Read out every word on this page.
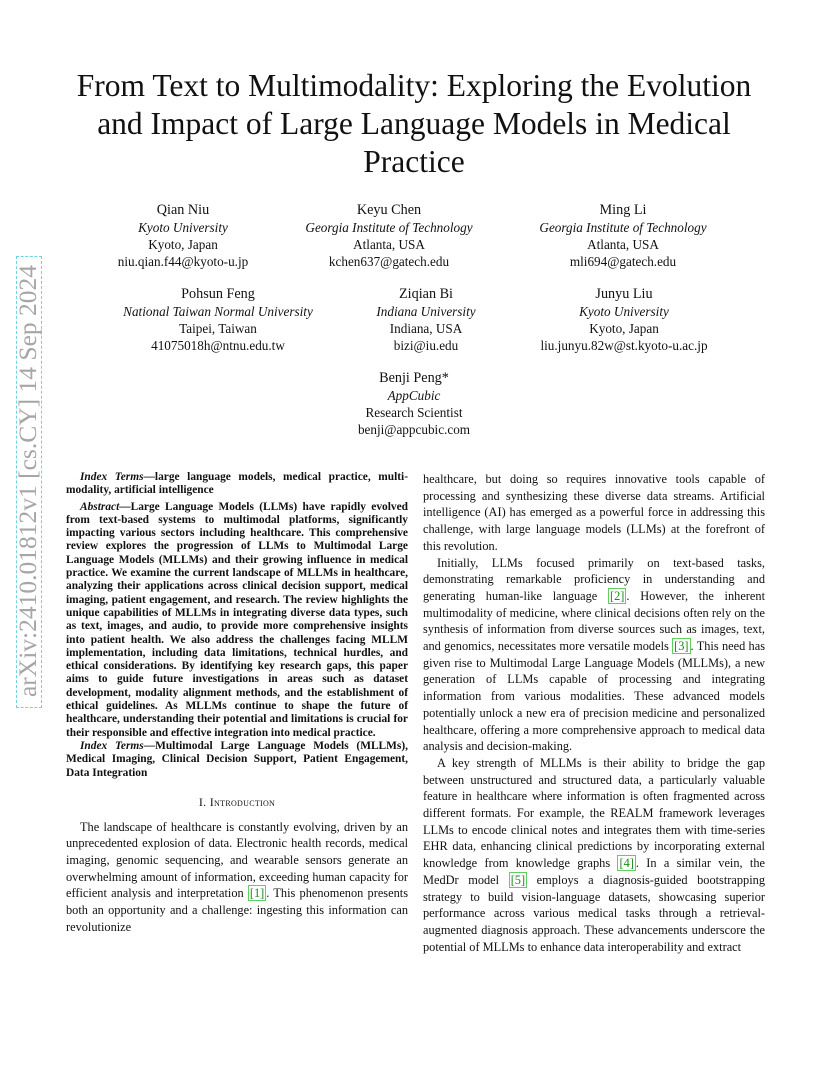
arXiv:2410.01812v1 [cs.CY] 14 Sep 2024
From Text to Multimodality: Exploring the Evolution and Impact of Large Language Models in Medical Practice
Qian Niu
Kyoto University
Kyoto, Japan
niu.qian.f44@kyoto-u.jp
Keyu Chen
Georgia Institute of Technology
Atlanta, USA
kchen637@gatech.edu
Ming Li
Georgia Institute of Technology
Atlanta, USA
mli694@gatech.edu
Pohsun Feng
National Taiwan Normal University
Taipei, Taiwan
41075018h@ntnu.edu.tw
Ziqian Bi
Indiana University
Indiana, USA
bizi@iu.edu
Junyu Liu
Kyoto University
Kyoto, Japan
liu.junyu.82w@st.kyoto-u.ac.jp
Benji Peng*
AppCubic
Research Scientist
benji@appcubic.com

Index Terms—large language models, medical practice, multi-modality, artificial intelligence

Abstract—Large Language Models (LLMs) have rapidly evolved from text-based systems to multimodal platforms, significantly impacting various sectors including healthcare. This comprehensive review explores the progression of LLMs to Multimodal Large Language Models (MLLMs) and their growing influence in medical practice. We examine the current landscape of MLLMs in healthcare, analyzing their applications across clinical decision support, medical imaging, patient engagement, and research. The review highlights the unique capabilities of MLLMs in integrating diverse data types, such as text, images, and audio, to provide more comprehensive insights into patient health. We also address the challenges facing MLLM implementation, including data limitations, technical hurdles, and ethical considerations. By identifying key research gaps, this paper aims to guide future investigations in areas such as dataset development, modality alignment methods, and the establishment of ethical guidelines. As MLLMs continue to shape the future of healthcare, understanding their potential and limitations is crucial for their responsible and effective integration into medical practice.

Index Terms—Multimodal Large Language Models (MLLMs), Medical Imaging, Clinical Decision Support, Patient Engagement, Data Integration

I. Introduction

The landscape of healthcare is constantly evolving, driven by an unprecedented explosion of data. Electronic health records, medical imaging, genomic sequencing, and wearable sensors generate an overwhelming amount of information, exceeding human capacity for efficient analysis and interpretation [1] . This phenomenon presents both an opportunity and a challenge: ingesting this information can revolutionize

healthcare, but doing so requires innovative tools capable of processing and synthesizing these diverse data streams. Artificial intelligence (AI) has emerged as a powerful force in addressing this challenge, with large language models (LLMs) at the forefront of this revolution.

Initially, LLMs focused primarily on text-based tasks, demonstrating remarkable proficiency in understanding and generating human-like language [2] . However, the inherent multimodality of medicine, where clinical decisions often rely on the synthesis of information from diverse sources such as images, text, and genomics, necessitates more versatile models [3] . This need has given rise to Multimodal Large Language Models (MLLMs), a new generation of LLMs capable of processing and integrating information from various modalities. These advanced models potentially unlock a new era of precision medicine and personalized healthcare, offering a more comprehensive approach to medical data analysis and decision-making.

A key strength of MLLMs is their ability to bridge the gap between unstructured and structured data, a particularly valuable feature in healthcare where information is often fragmented across different formats. For example, the REALM framework leverages LLMs to encode clinical notes and integrates them with time-series EHR data, enhancing clinical predictions by incorporating external knowledge from knowledge graphs [4] . In a similar vein, the MedDr model [5] employs a diagnosis-guided bootstrapping strategy to build vision-language datasets, showcasing superior performance across various medical tasks through a retrieval-augmented diagnosis approach. These advancements underscore the potential of MLLMs to enhance data interoperability and extract
